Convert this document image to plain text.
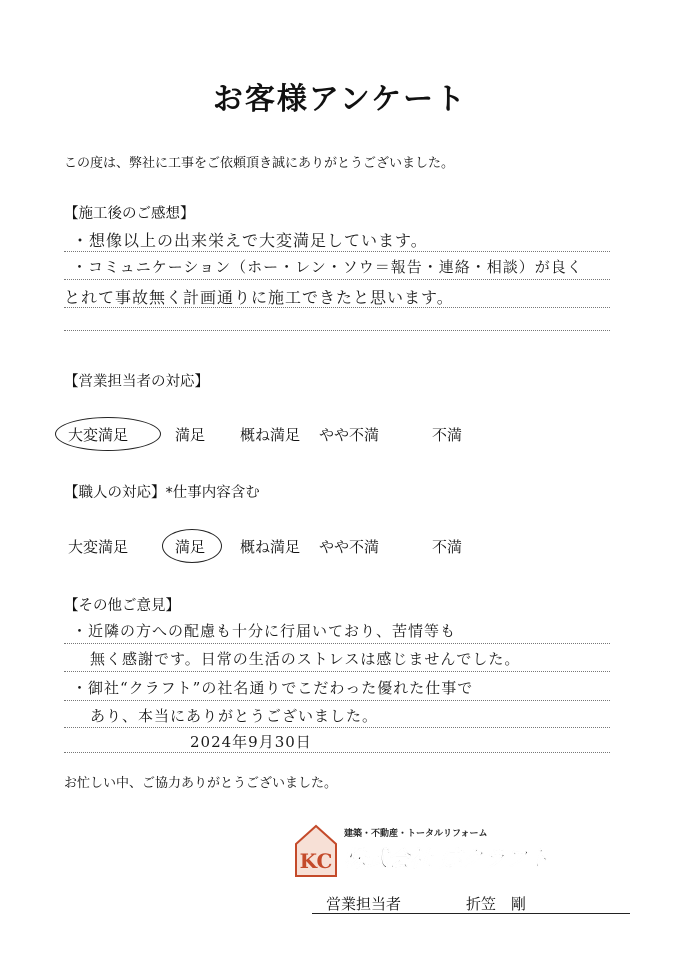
お客様アンケート
この度は、弊社に工事をご依頼頂き誠にありがとうございました。
【施工後のご感想】
・想像以上の出来栄えで大変満足しています。
・コミュニケーション（ホー・レン・ソウ＝報告・連絡・相談）が良く
とれて事故無く計画通りに施工できたと思います。
【営業担当者の対応】
大変満足	満足 概ね満足 やや不満	不満
【職人の対応】*仕事内容含む
大変満足	満足 概ね満足 やや不満	不満
【その他ご意見】
・近隣の方への配慮も十分に行届いており、苦情等も
無く感謝です。日常の生活のストレスは感じませんでした。
・御社“クラフト”の社名通りでこだわった優れた仕事で
あり、本当にありがとうございました。
2024年9月30日
お忙しい中、ご協力ありがとうございました。
KC
建築・不動産・トータルリフォーム
株式会社 建クラフト
営業担当者	折笠　剛
